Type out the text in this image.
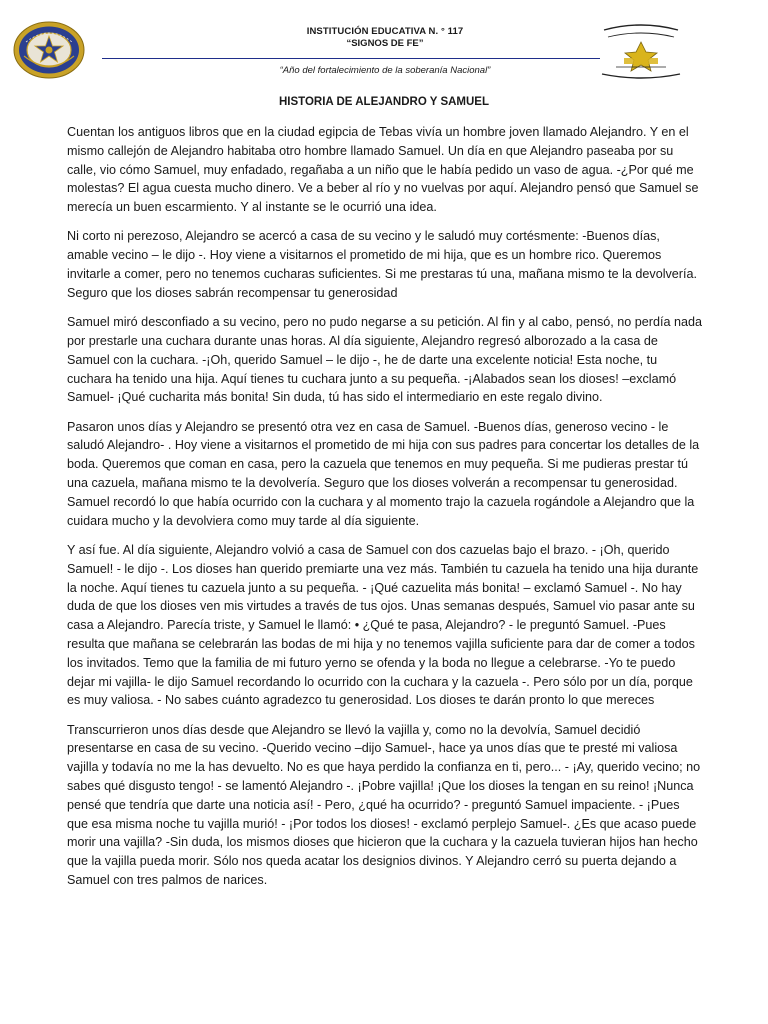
INSTITUCIÓN EDUCATIVA N. ° 117
“SIGNOS DE FE”
“Año del fortalecimiento de la soberanía Nacional”
HISTORIA DE ALEJANDRO Y SAMUEL

Cuentan los antiguos libros que en la ciudad egipcia de Tebas vivía un hombre joven llamado Alejandro. Y en el mismo callejón de Alejandro habitaba otro hombre llamado Samuel. Un día en que Alejandro paseaba por su calle, vio cómo Samuel, muy enfadado, regañaba a un niño que le había pedido un vaso de agua. -¿Por qué me molestas? El agua cuesta mucho dinero. Ve a beber al río y no vuelvas por aquí. Alejandro pensó que Samuel se merecía un buen escarmiento. Y al instante se le ocurrió una idea.

Ni corto ni perezoso, Alejandro se acercó a casa de su vecino y le saludó muy cortésmente: -Buenos días, amable vecino – le dijo -. Hoy viene a visitarnos el prometido de mi hija, que es un hombre rico. Queremos invitarle a comer, pero no tenemos cucharas suficientes. Si me prestaras tú una, mañana mismo te la devolvería. Seguro que los dioses sabrán recompensar tu generosidad

Samuel miró desconfiado a su vecino, pero no pudo negarse a su petición. Al fin y al cabo, pensó, no perdía nada por prestarle una cuchara durante unas horas. Al día siguiente, Alejandro regresó alborozado a la casa de Samuel con la cuchara. -¡Oh, querido Samuel – le dijo -, he de darte una excelente noticia! Esta noche, tu cuchara ha tenido una hija. Aquí tienes tu cuchara junto a su pequeña. -¡Alabados sean los dioses! –exclamó Samuel- ¡Qué cucharita más bonita! Sin duda, tú has sido el intermediario en este regalo divino.

Pasaron unos días y Alejandro se presentó otra vez en casa de Samuel. -Buenos días, generoso vecino - le saludó Alejandro- . Hoy viene a visitarnos el prometido de mi hija con sus padres para concertar los detalles de la boda. Queremos que coman en casa, pero la cazuela que tenemos en muy pequeña. Si me pudieras prestar tú una cazuela, mañana mismo te la devolvería. Seguro que los dioses volverán a recompensar tu generosidad. Samuel recordó lo que había ocurrido con la cuchara y al momento trajo la cazuela rogándole a Alejandro que la cuidara mucho y la devolviera como muy tarde al día siguiente.

Y así fue. Al día siguiente, Alejandro volvió a casa de Samuel con dos cazuelas bajo el brazo. - ¡Oh, querido Samuel! - le dijo -. Los dioses han querido premiarte una vez más. También tu cazuela ha tenido una hija durante la noche. Aquí tienes tu cazuela junto a su pequeña. - ¡Qué cazuelita más bonita! – exclamó Samuel -. No hay duda de que los dioses ven mis virtudes a través de tus ojos. Unas semanas después, Samuel vio pasar ante su casa a Alejandro. Parecía triste, y Samuel le llamó: • ¿Qué te pasa, Alejandro? - le preguntó Samuel. -Pues resulta que mañana se celebrarán las bodas de mi hija y no tenemos vajilla suficiente para dar de comer a todos los invitados. Temo que la familia de mi futuro yerno se ofenda y la boda no llegue a celebrarse. -Yo te puedo dejar mi vajilla- le dijo Samuel recordando lo ocurrido con la cuchara y la cazuela -. Pero sólo por un día, porque es muy valiosa. - No sabes cuánto agradezco tu generosidad. Los dioses te darán pronto lo que mereces

Transcurrieron unos días desde que Alejandro se llevó la vajilla y, como no la devolvía, Samuel decidió presentarse en casa de su vecino. -Querido vecino –dijo Samuel-, hace ya unos días que te presté mi valiosa vajilla y todavía no me la has devuelto. No es que haya perdido la confianza en ti, pero... - ¡Ay, querido vecino; no sabes qué disgusto tengo! - se lamentó Alejandro -. ¡Pobre vajilla! ¡Que los dioses la tengan en su reino! ¡Nunca pensé que tendría que darte una noticia así! - Pero, ¿qué ha ocurrido? - preguntó Samuel impaciente. - ¡Pues que esa misma noche tu vajilla murió! - ¡Por todos los dioses! - exclamó perplejo Samuel-. ¿Es que acaso puede morir una vajilla? -Sin duda, los mismos dioses que hicieron que la cuchara y la cazuela tuvieran hijos han hecho que la vajilla pueda morir. Sólo nos queda acatar los designios divinos. Y Alejandro cerró su puerta dejando a Samuel con tres palmos de narices.
